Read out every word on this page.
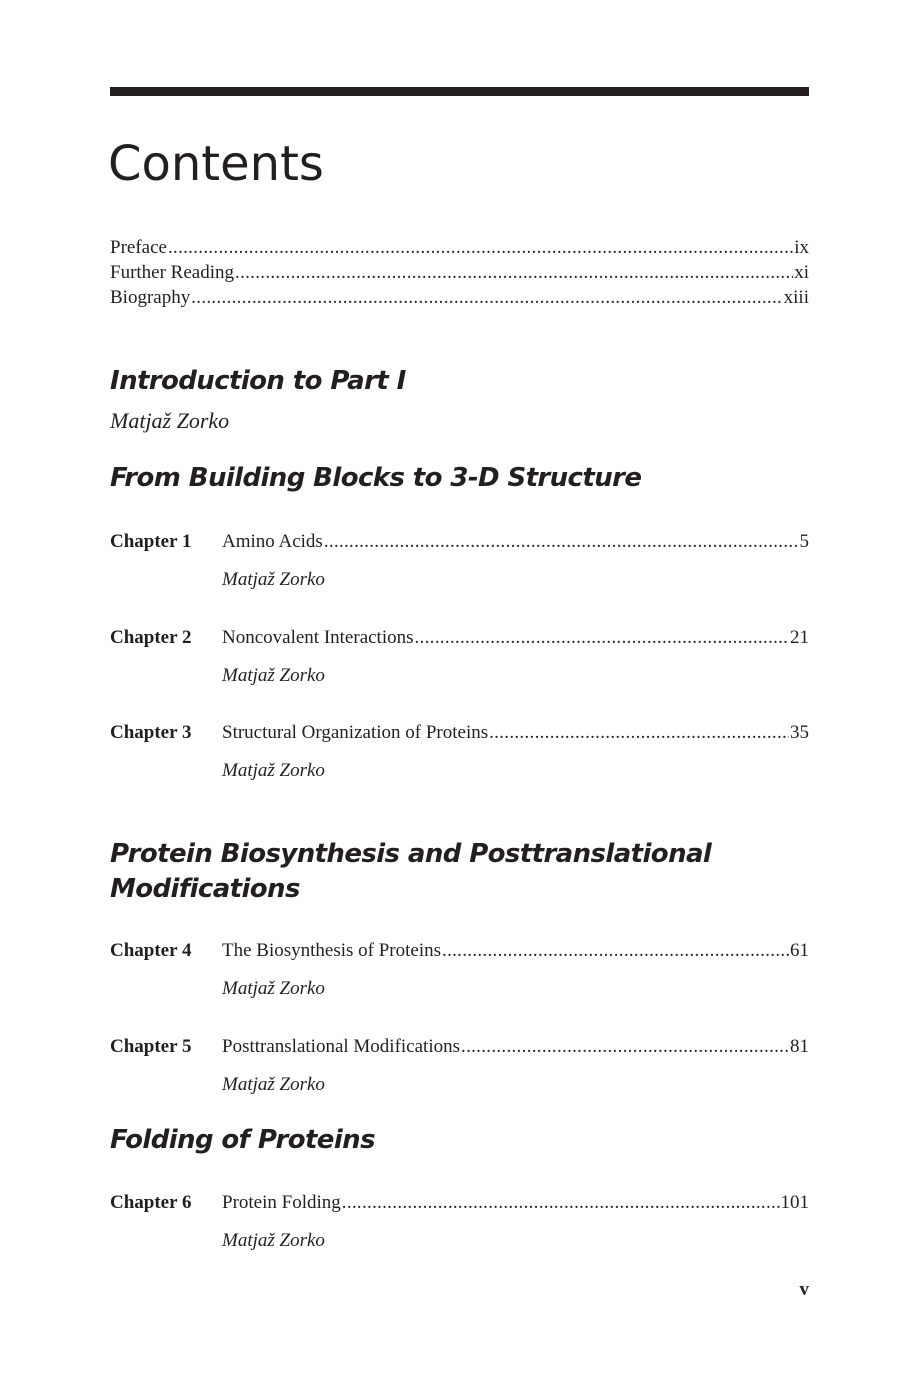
Contents
Preface .....	ix
Further Reading .....	xi
Biography .....	xiii
Introduction to Part I
Matjaž Zorko
From Building Blocks to 3-D Structure
Chapter 1	Amino Acids .....	5
Matjaž Zorko
Chapter 2	Noncovalent Interactions .....	21
Matjaž Zorko
Chapter 3	Structural Organization of Proteins .....	35
Matjaž Zorko
Protein Biosynthesis and Posttranslational
Modifications
Chapter 4	The Biosynthesis of Proteins .....	61
Matjaž Zorko
Chapter 5	Posttranslational Modifications .....	81
Matjaž Zorko
Folding of Proteins
Chapter 6	Protein Folding .....	101
Matjaž Zorko
v
